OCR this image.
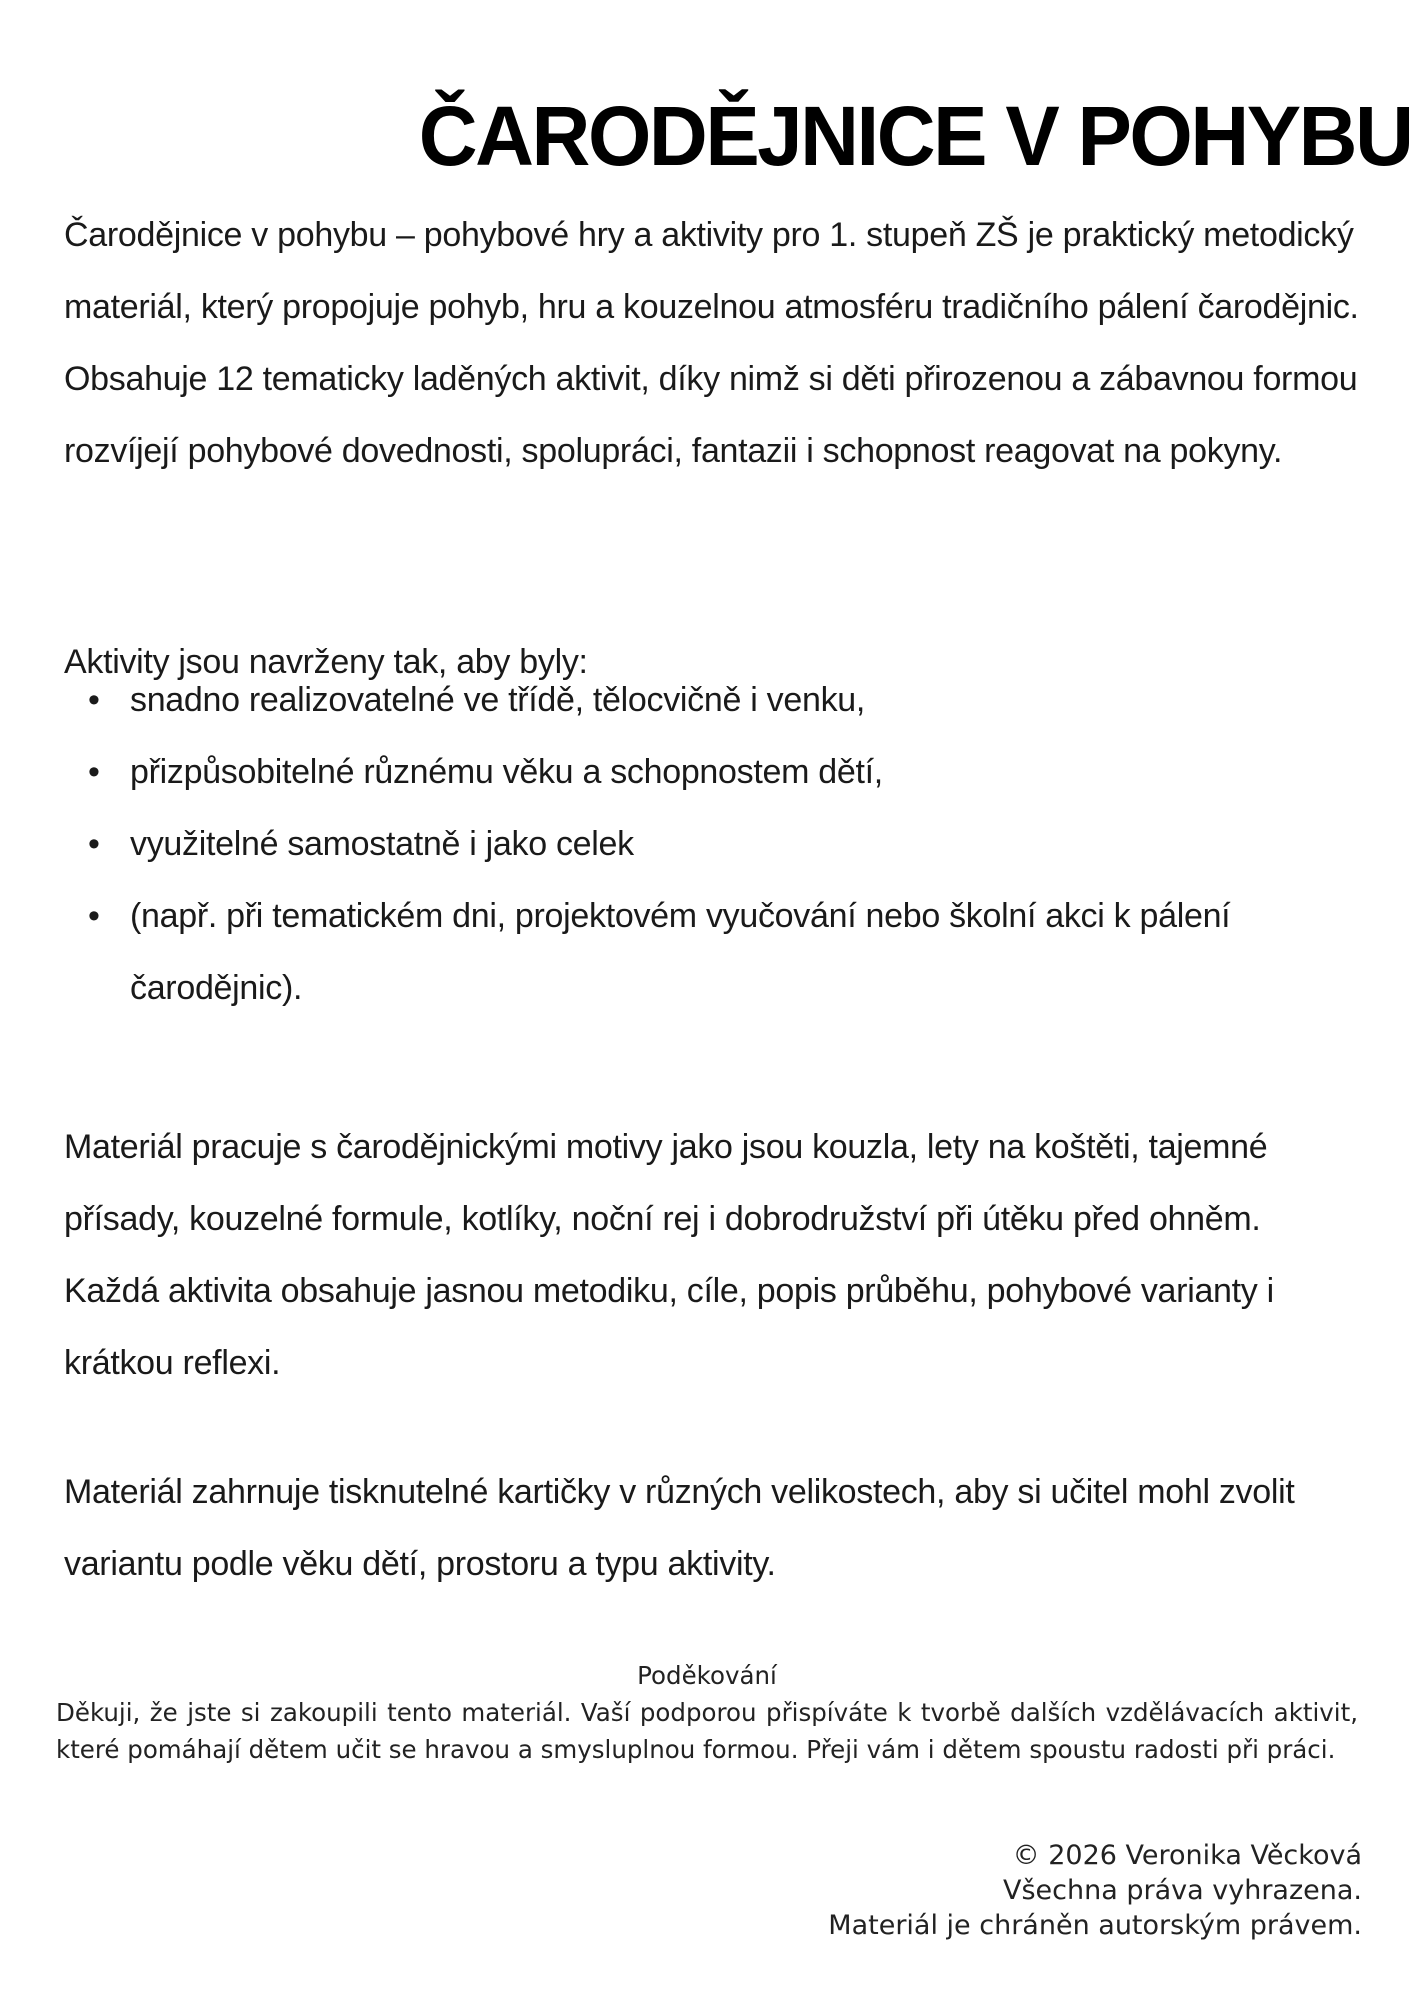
ČARODĚJNICE V POHYBU

Čarodějnice v pohybu – pohybové hry a aktivity pro 1. stupeň ZŠ je praktický metodický materiál, který propojuje pohyb, hru a kouzelnou atmosféru tradičního pálení čarodějnic. Obsahuje 12 tematicky laděných aktivit, díky nimž si děti přirozenou a zábavnou formou rozvíjejí pohybové dovednosti, spolupráci, fantazii i schopnost reagovat na pokyny.

Aktivity jsou navrženy tak, aby byly:

• snadno realizovatelné ve třídě, tělocvičně i venku,
• přizpůsobitelné různému věku a schopnostem dětí,
• využitelné samostatně i jako celek
• (např. při tematickém dni, projektovém vyučování nebo školní akci k pálení čarodějnic).

Materiál pracuje s čarodějnickými motivy jako jsou kouzla, lety na koštěti, tajemné přísady, kouzelné formule, kotlíky, noční rej i dobrodružství při útěku před ohněm. Každá aktivita obsahuje jasnou metodiku, cíle, popis průběhu, pohybové varianty i krátkou reflexi.

Materiál zahrnuje tisknutelné kartičky v různých velikostech, aby si učitel mohl zvolit variantu podle věku dětí, prostoru a typu aktivity.

Poděkování
Děkuji, že jste si zakoupili tento materiál. Vaší podporou přispíváte k tvorbě dalších vzdělávacích aktivit, které pomáhají dětem učit se hravou a smysluplnou formou. Přeji vám i dětem spoustu radosti při práci.
© 2026 Veronika Věcková
Všechna práva vyhrazena.
Materiál je chráněn autorským právem.
